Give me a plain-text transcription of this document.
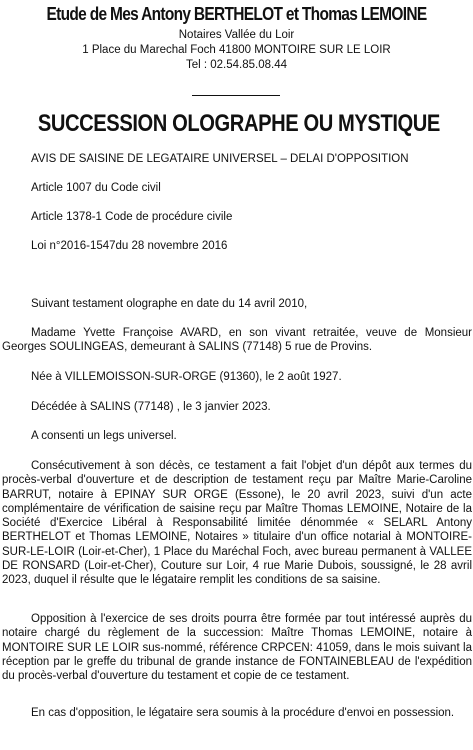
Etude de Mes Antony BERTHELOT et Thomas LEMOINE
Notaires Vallée du Loir
1 Place du Marechal Foch 41800 MONTOIRE SUR LE LOIR
Tel : 02.54.85.08.44
SUCCESSION OLOGRAPHE OU MYSTIQUE
AVIS DE SAISINE DE LEGATAIRE UNIVERSEL – DELAI D'OPPOSITION
Article 1007 du Code civil
Article 1378-1 Code de procédure civile
Loi n°2016-1547du 28 novembre 2016

Suivant testament olographe en date du 14 avril 2010,

Madame Yvette Françoise AVARD, en son vivant retraitée, veuve de Monsieur Georges SOULINGEAS, demeurant à SALINS (77148) 5 rue de Provins.

Née à VILLEMOISSON-SUR-ORGE (91360), le 2 août 1927.

Décédée à SALINS (77148) , le 3 janvier 2023.

A consenti un legs universel.

Consécutivement à son décès, ce testament a fait l'objet d'un dépôt aux termes du procès-verbal d'ouverture et de description de testament reçu par Maître Marie-Caroline BARRUT, notaire à EPINAY SUR ORGE (Essone), le 20 avril 2023, suivi d'un acte complémentaire de vérification de saisine reçu par Maître Thomas LEMOINE, Notaire de la Société d'Exercice Libéral à Responsabilité limitée dénommée « SELARL Antony BERTHELOT et Thomas LEMOINE, Notaires » titulaire d'un office notarial à MONTOIRE-SUR-LE-LOIR (Loir-et-Cher), 1 Place du Maréchal Foch, avec bureau permanent à VALLEE DE RONSARD (Loir-et-Cher), Couture sur Loir, 4 rue Marie Dubois, soussigné, le 28 avril 2023, duquel il résulte que le légataire remplit les conditions de sa saisine.

Opposition à l'exercice de ses droits pourra être formée par tout intéressé auprès du notaire chargé du règlement de la succession: Maître Thomas LEMOINE, notaire à MONTOIRE SUR LE LOIR sus-nommé, référence CRPCEN: 41059, dans le mois suivant la réception par le greffe du tribunal de grande instance de FONTAINEBLEAU de l'expédition du procès-verbal d'ouverture du testament et copie de ce testament.

En cas d'opposition, le légataire sera soumis à la procédure d'envoi en possession.
